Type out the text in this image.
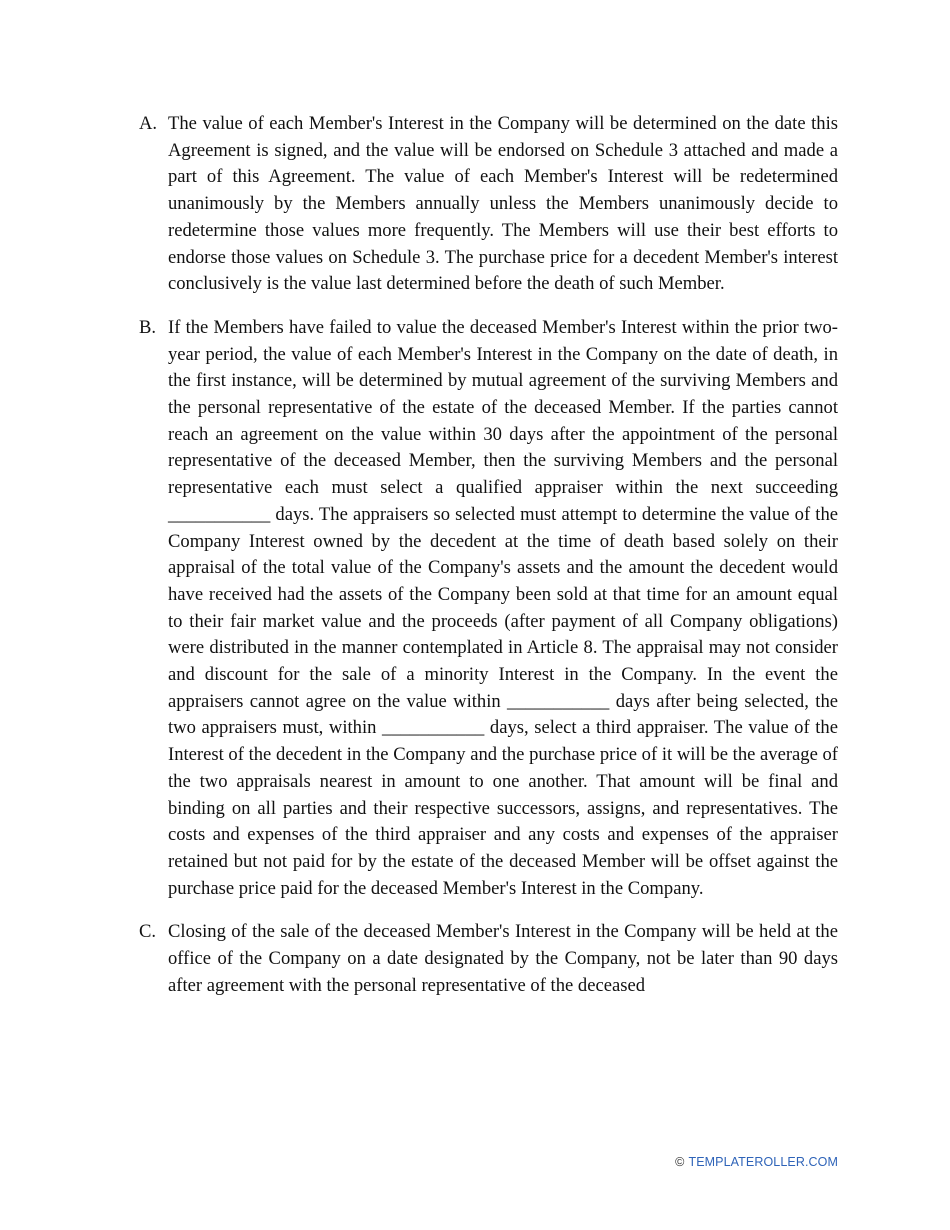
A. The value of each Member's Interest in the Company will be determined on the date this Agreement is signed, and the value will be endorsed on Schedule 3 attached and made a part of this Agreement. The value of each Member's Interest will be redetermined unanimously by the Members annually unless the Members unanimously decide to redetermine those values more frequently. The Members will use their best efforts to endorse those values on Schedule 3. The purchase price for a decedent Member's interest conclusively is the value last determined before the death of such Member.
B. If the Members have failed to value the deceased Member's Interest within the prior two-year period, the value of each Member's Interest in the Company on the date of death, in the first instance, will be determined by mutual agreement of the surviving Members and the personal representative of the estate of the deceased Member. If the parties cannot reach an agreement on the value within 30 days after the appointment of the personal representative of the deceased Member, then the surviving Members and the personal representative each must select a qualified appraiser within the next succeeding ___________ days. The appraisers so selected must attempt to determine the value of the Company Interest owned by the decedent at the time of death based solely on their appraisal of the total value of the Company's assets and the amount the decedent would have received had the assets of the Company been sold at that time for an amount equal to their fair market value and the proceeds (after payment of all Company obligations) were distributed in the manner contemplated in Article 8. The appraisal may not consider and discount for the sale of a minority Interest in the Company. In the event the appraisers cannot agree on the value within ___________ days after being selected, the two appraisers must, within ___________ days, select a third appraiser. The value of the Interest of the decedent in the Company and the purchase price of it will be the average of the two appraisals nearest in amount to one another. That amount will be final and binding on all parties and their respective successors, assigns, and representatives. The costs and expenses of the third appraiser and any costs and expenses of the appraiser retained but not paid for by the estate of the deceased Member will be offset against the purchase price paid for the deceased Member's Interest in the Company.
C. Closing of the sale of the deceased Member's Interest in the Company will be held at the office of the Company on a date designated by the Company, not be later than 90 days after agreement with the personal representative of the deceased
© TEMPLATEROLLER.COM
